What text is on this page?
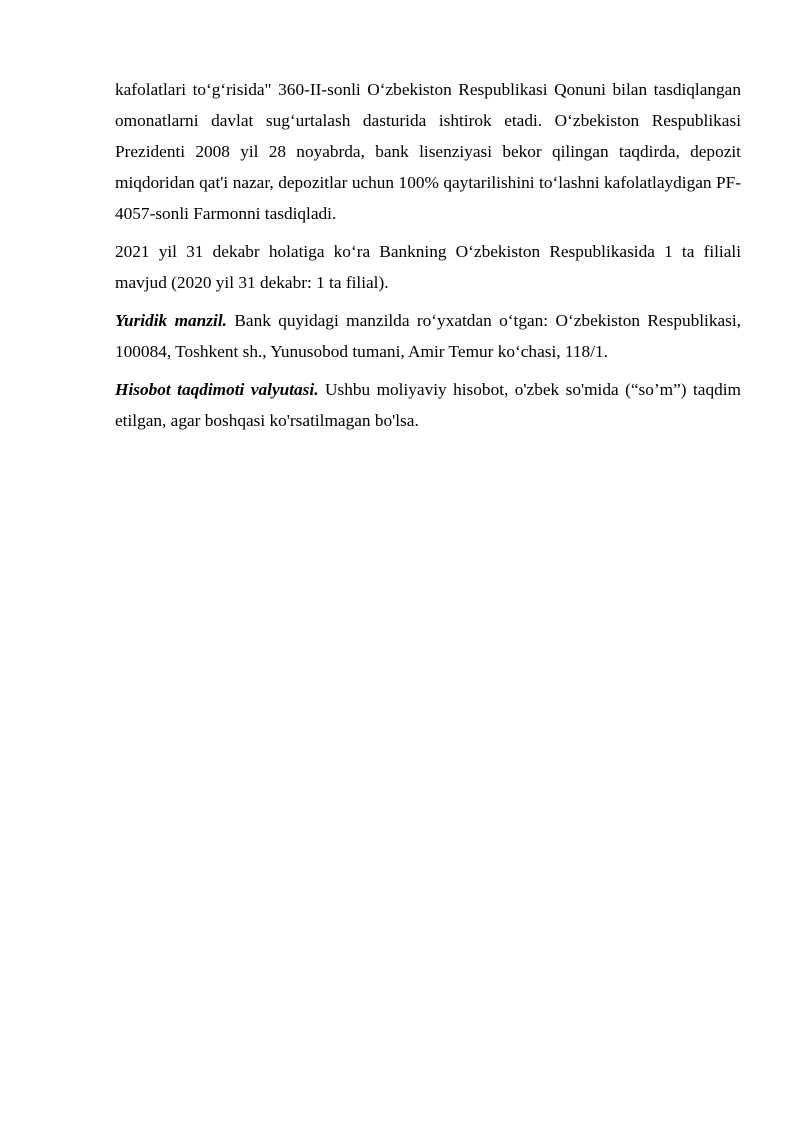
kafolatlari to‘g‘risida" 360-II-sonli O‘zbekiston Respublikasi Qonuni bilan tasdiqlangan omonatlarni davlat sug‘urtalash dasturida ishtirok etadi. O‘zbekiston Respublikasi Prezidenti 2008 yil 28 noyabrda, bank lisenziyasi bekor qilingan taqdirda, depozit miqdoridan qat'i nazar, depozitlar uchun 100% qaytarilishini to‘lashni kafolatlaydigan PF-4057-sonli Farmonni tasdiqladi.

2021 yil 31 dekabr holatiga ko‘ra Bankning O‘zbekiston Respublikasida 1 ta filiali mavjud (2020 yil 31 dekabr: 1 ta filial).

Yuridik manzil. Bank quyidagi manzilda ro‘yxatdan o‘tgan: O‘zbekiston Respublikasi, 100084, Toshkent sh., Yunusobod tumani, Amir Temur ko‘chasi, 118/1.

Hisobot taqdimoti valyutasi. Ushbu moliyaviy hisobot, o'zbek so'mida (“so’m”) taqdim etilgan, agar boshqasi ko'rsatilmagan bo'lsa.
